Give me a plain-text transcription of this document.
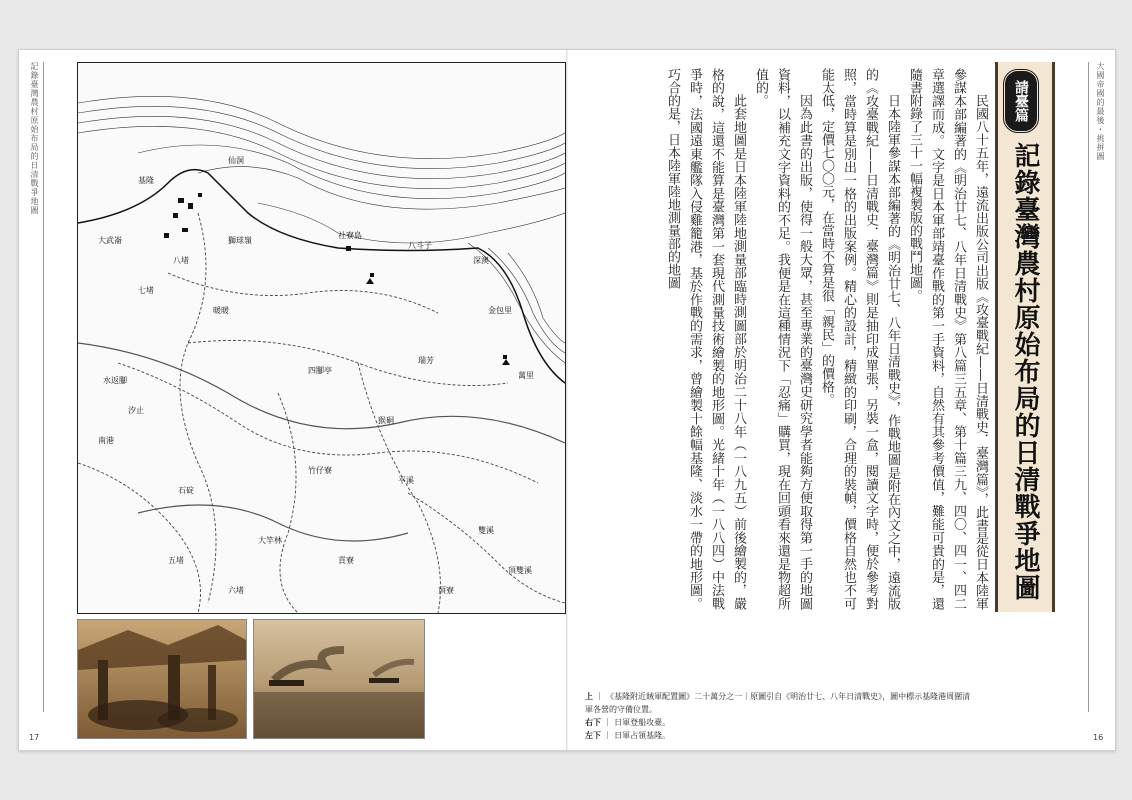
記錄臺灣農村原始布局的日清戰爭地圖	基隆
仙洞
社寮島
八斗子
深澳
暖暖
七堵
八堵
獅球嶺
大武崙
瑞芳
四腳亭
猴硐
金包里
萬里
竹仔寮
石碇
平溪
雙溪
頂雙溪
水返腳
南港
汐止
大竿林
五堵
六堵
貢寮
頂寮
17
大國帝國的最後・挑拼圖
請臺篇
記錄臺灣農村原始布局的日清戰爭地圖

民國八十五年，遠流出版公司出版《攻臺戰紀——日清戰史．臺灣篇》，此書是從日本陸軍參謀本部編著的《明治廿七、八年日清戰史》第八篇三五章、第十篇三九、四〇、四一、四二章選譯而成。文字是日本軍部靖臺作戰的第一手資料，自然有其參考價值，難能可貴的是，還隨書附錄了三十一幅複製版的戰鬥地圖。

日本陸軍參謀本部編著的《明治廿七、八年日清戰史》，作戰地圖是附在內文之中，遠流版的《攻臺戰紀——日清戰史．臺灣篇》則是抽印成單張，另裝一盒，閱讀文字時，便於參考對照，當時算是別出一格的出版案例。精心的設計，精緻的印刷，合理的裝幀，價格自然也不可能太低，定價七〇〇元，在當時不算是很「親民」的價格。

因為此書的出版，使得一般大眾，甚至專業的臺灣史研究學者能夠方便取得第一手的地圖資料，以補充文字資料的不足。我便是在這種情況下「忍痛」購買，現在回頭看來還是物超所值的。

此套地圖是日本陸軍陸地測量部臨時測圖部於明治二十八年（一八九五）前後繪製的，嚴格的說，這還不能算是臺灣第一套現代測量技術繪製的地形圖。光緒十年（一八八四）中法戰爭時，法國遠東艦隊入侵雞籠港，基於作戰的需求，曾繪製十餘幅基隆、淡水一帶的地形圖。巧合的是，日本陸軍陸地測量部的地圖

上 ｜ 《基隆附近賊軍配置圖》二十萬分之一｜原圖引自《明治廿七、八年日清戰史》，圖中標示基隆港周圍清軍各營的守備位置。
右下 ｜ 日軍登船攻臺。
左下 ｜ 日軍占領基隆。	16
